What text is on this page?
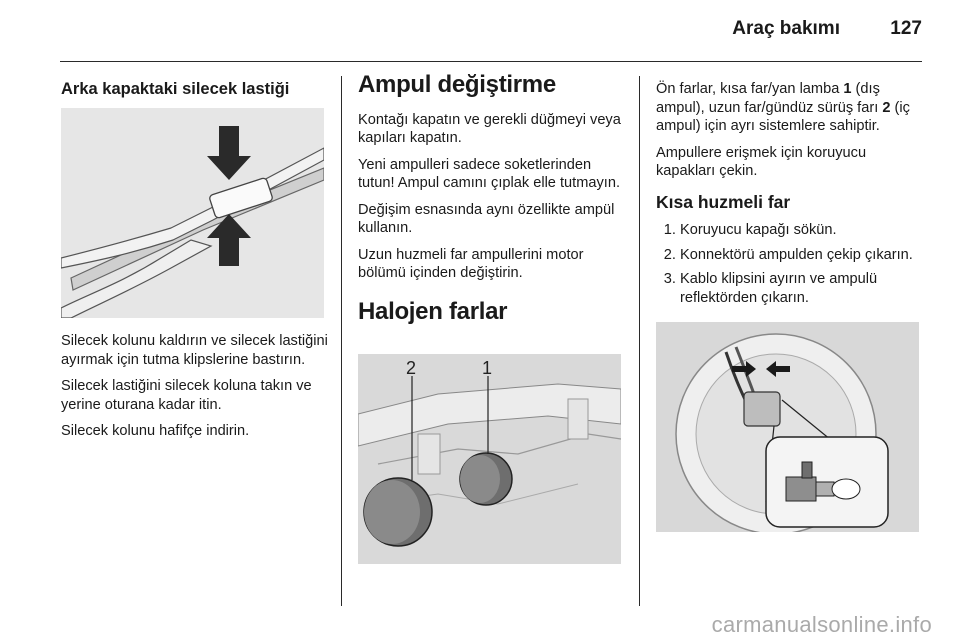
Araç bakımı	127
Arka kapaktaki silecek lastiği

Silecek kolunu kaldırın ve silecek lastiğini ayırmak için tutma klipslerine bastırın.

Silecek lastiğini silecek koluna takın ve yerine oturana kadar itin.

Silecek kolunu hafifçe indirin.

Ampul değiştirme

Kontağı kapatın ve gerekli düğmeyi veya kapıları kapatın.

Yeni ampulleri sadece soketlerinden tutun! Ampul camını çıplak elle tutmayın.

Değişim esnasında aynı özellikte ampül kullanın.

Uzun huzmeli far ampullerini motor bölümü içinden değiştirin.

Halojen farlar
2	1

Ön farlar, kısa far/yan lamba 1 (dış ampul), uzun far/gündüz sürüş farı 2 (iç ampul) için ayrı sistemlere sahiptir.

Ampullere erişmek için koruyucu kapakları çekin.

Kısa huzmeli far
1. Koruyucu kapağı sökün.
2. Konnektörü ampulden çekip çıkarın.
3. Kablo klipsini ayırın ve ampulü reflektörden çıkarın.
carmanualsonline.info
